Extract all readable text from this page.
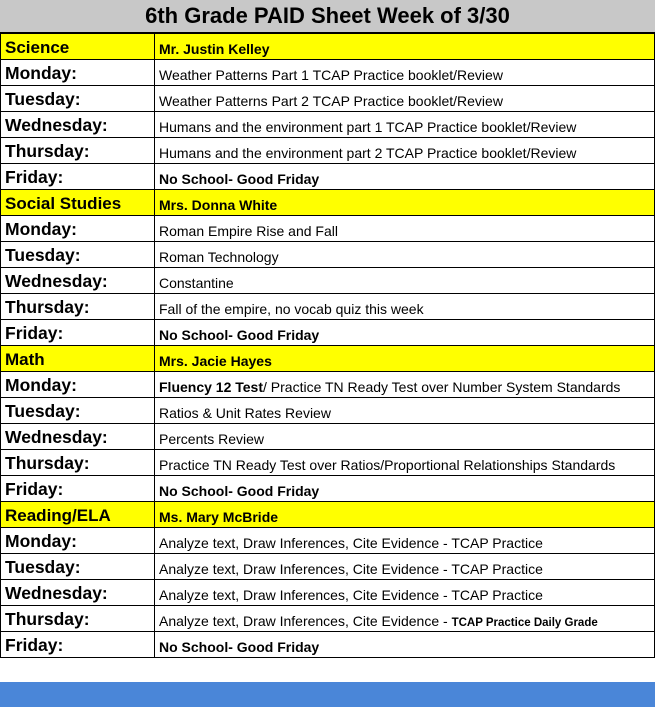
6th Grade PAID Sheet Week of 3/30
Science	Mr. Justin Kelley
Monday:	Weather Patterns Part 1 TCAP Practice booklet/Review
Tuesday:	Weather Patterns Part 2 TCAP Practice booklet/Review
Wednesday:	Humans and the environment part 1 TCAP Practice booklet/Review
Thursday:	Humans and the environment part 2 TCAP Practice booklet/Review
Friday:	No School- Good Friday
Social Studies	Mrs. Donna White
Monday:	Roman Empire Rise and Fall
Tuesday:	Roman Technology
Wednesday:	Constantine
Thursday:	Fall of the empire, no vocab quiz this week
Friday:	No School- Good Friday
Math	Mrs. Jacie Hayes
Monday:	Fluency 12 Test/ Practice TN Ready Test over Number System Standards
Tuesday:	Ratios & Unit Rates Review
Wednesday:	Percents Review
Thursday:	Practice TN Ready Test over Ratios/Proportional Relationships Standards
Friday:	No School- Good Friday
Reading/ELA	Ms. Mary McBride
Monday:	Analyze text, Draw Inferences, Cite Evidence - TCAP Practice
Tuesday:	Analyze text, Draw Inferences, Cite Evidence - TCAP Practice
Wednesday:	Analyze text, Draw Inferences, Cite Evidence - TCAP Practice
Thursday:	Analyze text, Draw Inferences, Cite Evidence - TCAP Practice Daily Grade
Friday:	No School- Good Friday
